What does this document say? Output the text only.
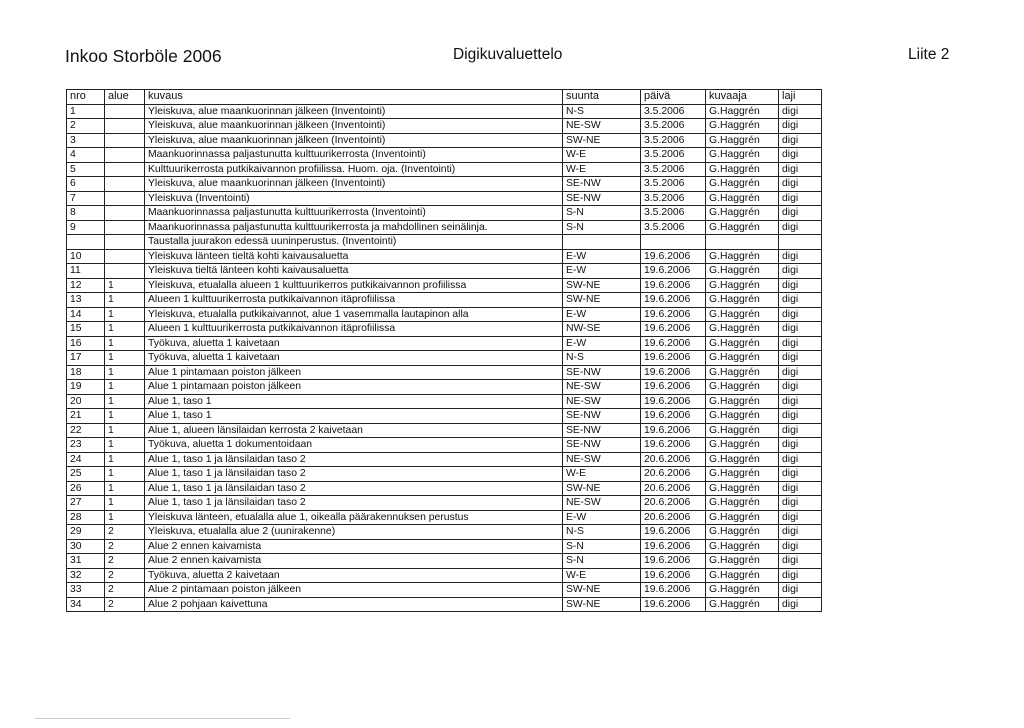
Inkoo Storböle 2006	Digikuvaluettelo	Liite 2
nro	alue	kuvaus	suunta	päivä	kuvaaja	laji
1		Yleiskuva, alue maankuorinnan jälkeen (Inventointi)	N-S	3.5.2006	G.Haggrén	digi
2		Yleiskuva, alue maankuorinnan jälkeen (Inventointi)	NE-SW	3.5.2006	G.Haggrén	digi
3		Yleiskuva, alue maankuorinnan jälkeen (Inventointi)	SW-NE	3.5.2006	G.Haggrén	digi
4		Maankuorinnassa paljastunutta kulttuurikerrosta (Inventointi)	W-E	3.5.2006	G.Haggrén	digi
5		Kulttuurikerrosta putkikaivannon profiilissa. Huom. oja. (Inventointi)	W-E	3.5.2006	G.Haggrén	digi
6		Yleiskuva, alue maankuorinnan jälkeen (Inventointi)	SE-NW	3.5.2006	G.Haggrén	digi
7		Yleiskuva (Inventointi)	SE-NW	3.5.2006	G.Haggrén	digi
8		Maankuorinnassa paljastunutta kulttuurikerrosta (Inventointi)	S-N	3.5.2006	G.Haggrén	digi
9		Maankuorinnassa paljastunutta kulttuurikerrosta ja mahdollinen seinälinja.	S-N	3.5.2006	G.Haggrén	digi
		Taustalla juurakon edessä uuninperustus. (Inventointi)				
10		Yleiskuva länteen tieltä kohti kaivausaluetta	E-W	19.6.2006	G.Haggrén	digi
11		Yleiskuva tieltä länteen kohti kaivausaluetta	E-W	19.6.2006	G.Haggrén	digi
12	1	Yleiskuva, etualalla alueen 1 kulttuurikerros putkikaivannon profiilissa	SW-NE	19.6.2006	G.Haggrén	digi
13	1	Alueen 1 kulttuurikerrosta putkikaivannon itäprofiilissa	SW-NE	19.6.2006	G.Haggrén	digi
14	1	Yleiskuva, etualalla putkikaivannot, alue 1 vasemmalla lautapinon alla	E-W	19.6.2006	G.Haggrén	digi
15	1	Alueen 1 kulttuurikerrosta putkikaivannon itäprofiilissa	NW-SE	19.6.2006	G.Haggrén	digi
16	1	Työkuva, aluetta 1 kaivetaan	E-W	19.6.2006	G.Haggrén	digi
17	1	Työkuva, aluetta 1 kaivetaan	N-S	19.6.2006	G.Haggrén	digi
18	1	Alue 1 pintamaan poiston jälkeen	SE-NW	19.6.2006	G.Haggrén	digi
19	1	Alue 1 pintamaan poiston jälkeen	NE-SW	19.6.2006	G.Haggrén	digi
20	1	Alue 1, taso 1	NE-SW	19.6.2006	G.Haggrén	digi
21	1	Alue 1, taso 1	SE-NW	19.6.2006	G.Haggrén	digi
22	1	Alue 1, alueen länsilaidan kerrosta 2 kaivetaan	SE-NW	19.6.2006	G.Haggrén	digi
23	1	Työkuva, aluetta 1 dokumentoidaan	SE-NW	19.6.2006	G.Haggrén	digi
24	1	Alue 1, taso 1 ja länsilaidan taso 2	NE-SW	20.6.2006	G.Haggrén	digi
25	1	Alue 1, taso 1 ja länsilaidan taso 2	W-E	20.6.2006	G.Haggrén	digi
26	1	Alue 1, taso 1 ja länsilaidan taso 2	SW-NE	20.6.2006	G.Haggrén	digi
27	1	Alue 1, taso 1 ja länsilaidan taso 2	NE-SW	20.6.2006	G.Haggrén	digi
28	1	Yleiskuva länteen, etualalla alue 1, oikealla päärakennuksen perustus	E-W	20.6.2006	G.Haggrén	digi
29	2	Yleiskuva, etualalla alue 2 (uunirakenne)	N-S	19.6.2006	G.Haggrén	digi
30	2	Alue 2 ennen kaivamista	S-N	19.6.2006	G.Haggrén	digi
31	2	Alue 2 ennen kaivamista	S-N	19.6.2006	G.Haggrén	digi
32	2	Työkuva, aluetta 2 kaivetaan	W-E	19.6.2006	G.Haggrén	digi
33	2	Alue 2 pintamaan poiston jälkeen	SW-NE	19.6.2006	G.Haggrén	digi
34	2	Alue 2 pohjaan kaivettuna	SW-NE	19.6.2006	G.Haggrén	digi
